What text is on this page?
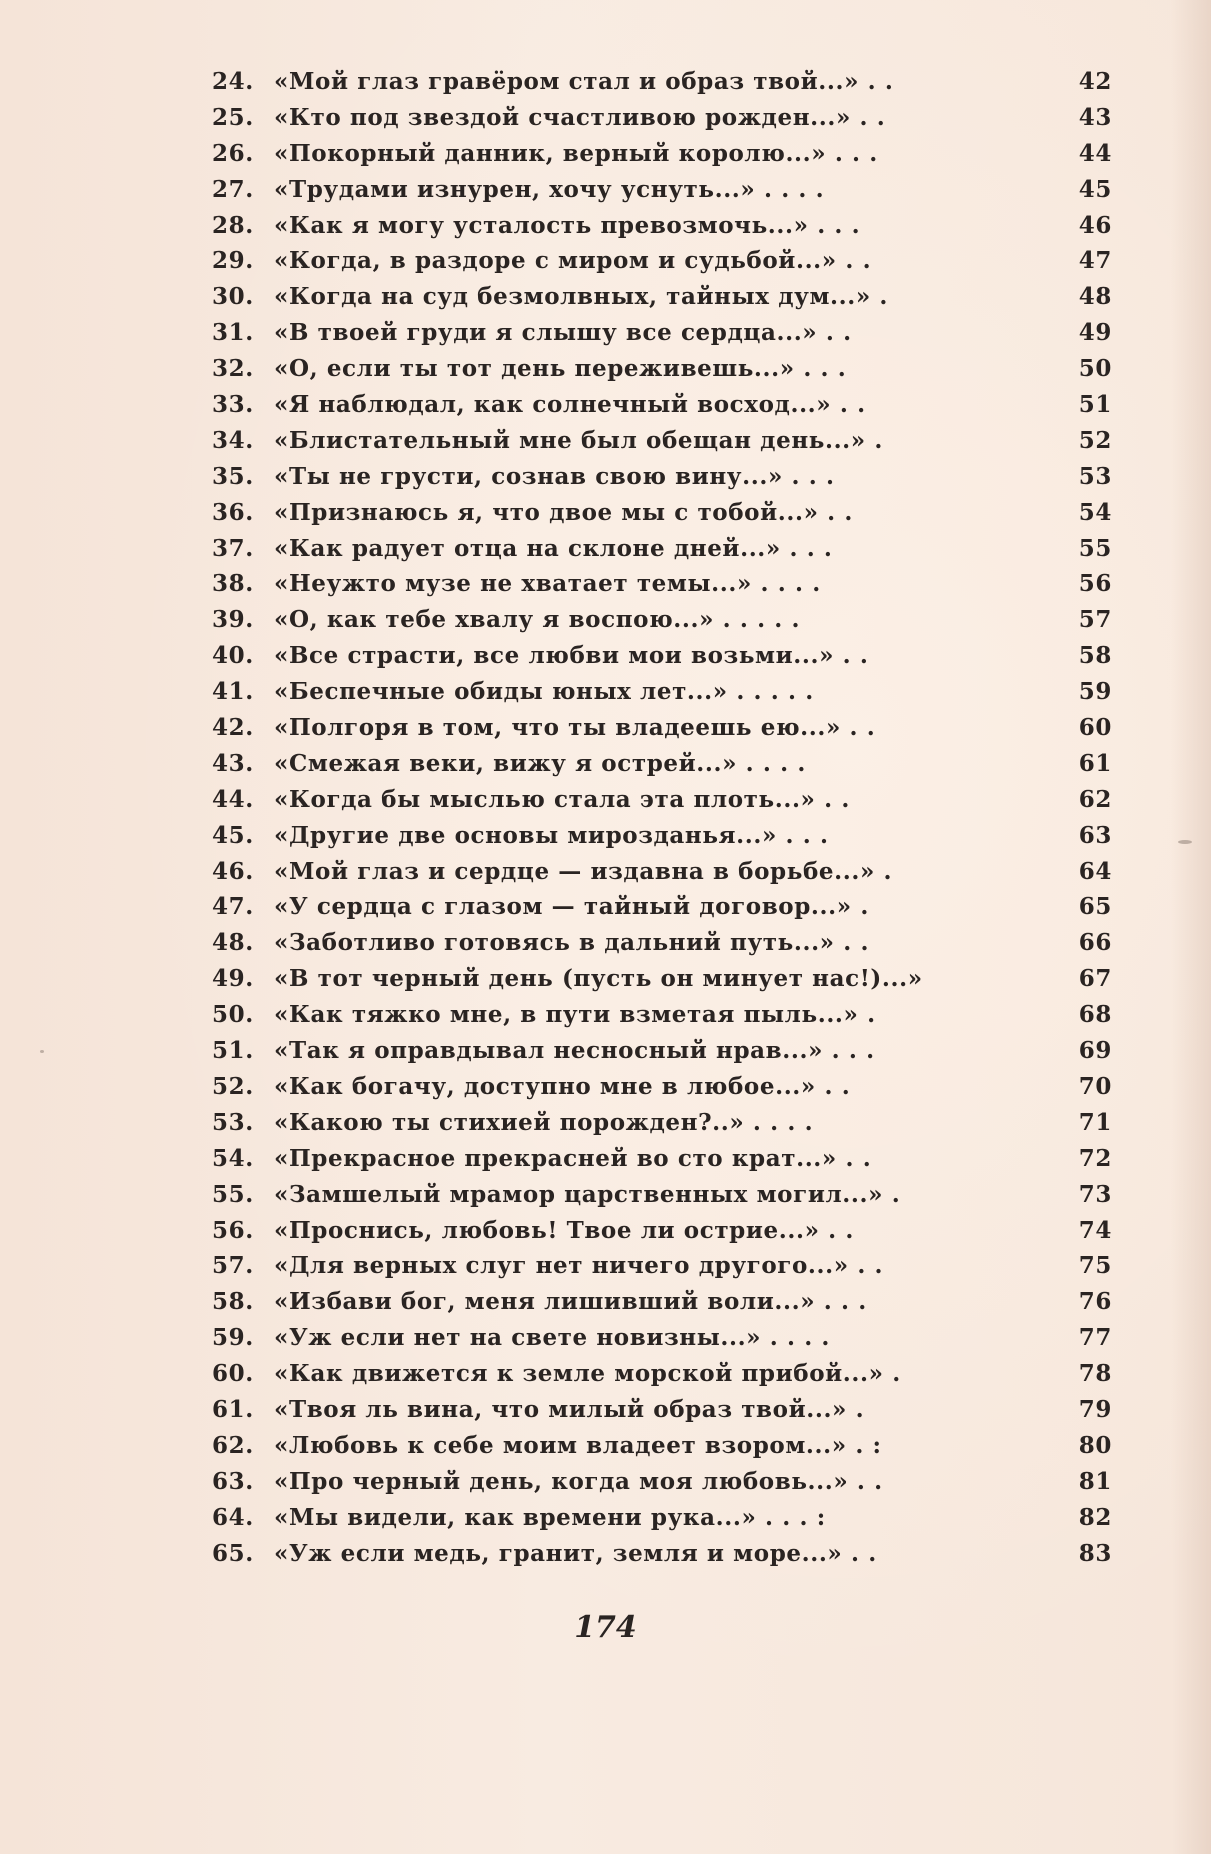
24. «Мой глаз гравёром стал и образ твой...» . .	42
25. «Кто под звездой счастливою рожден...» . .	43
26. «Покорный данник, верный королю...» . . .	44
27. «Трудами изнурен, хочу уснуть...» . . . .	45
28. «Как я могу усталость превозмочь...» . . .	46
29. «Когда, в раздоре с миром и судьбой...» . .	47
30. «Когда на суд безмолвных, тайных дум...» .	48
31. «В твоей груди я слышу все сердца...» . .	49
32. «О, если ты тот день переживешь...» . . .	50
33. «Я наблюдал, как солнечный восход...» . .	51
34. «Блистательный мне был обещан день...» .	52
35. «Ты не грусти, сознав свою вину...» . . .	53
36. «Признаюсь я, что двое мы с тобой...» . .	54
37. «Как радует отца на склоне дней...» . . .	55
38. «Неужто музе не хватает темы...» . . . .	56
39. «О, как тебе хвалу я воспою...» . . . . .	57
40. «Все страсти, все любви мои возьми...» . .	58
41. «Беспечные обиды юных лет...» . . . . .	59
42. «Полгоря в том, что ты владеешь ею...» . .	60
43. «Смежая веки, вижу я острей...» . . . .	61
44. «Когда бы мыслью стала эта плоть...» . .	62
45. «Другие две основы мирозданья...» . . .	63
46. «Мой глаз и сердце — издавна в борьбе...» .	64
47. «У сердца с глазом — тайный договор...» .	65
48. «Заботливо готовясь в дальний путь...» . .	66
49. «В тот черный день (пусть он минует нас!)...»	67
50. «Как тяжко мне, в пути взметая пыль...» .	68
51. «Так я оправдывал несносный нрав...» . . .	69
52. «Как богачу, доступно мне в любое...» . .	70
53. «Какою ты стихией порожден?..» . . . .	71
54. «Прекрасное прекрасней во сто крат...» . .	72
55. «Замшелый мрамор царственных могил...» .	73
56. «Проснись, любовь! Твое ли острие...» . .	74
57. «Для верных слуг нет ничего другого...» . .	75
58. «Избави бог, меня лишивший воли...» . . .	76
59. «Уж если нет на свете новизны...» . . . .	77
60. «Как движется к земле морской прибой...» .	78
61. «Твоя ль вина, что милый образ твой...» .	79
62. «Любовь к себе моим владеет взором...» . :	80
63. «Про черный день, когда моя любовь...» . .	81
64. «Мы видели, как времени рука...» . . . :	82
65. «Уж если медь, гранит, земля и море...» . .	83
174
